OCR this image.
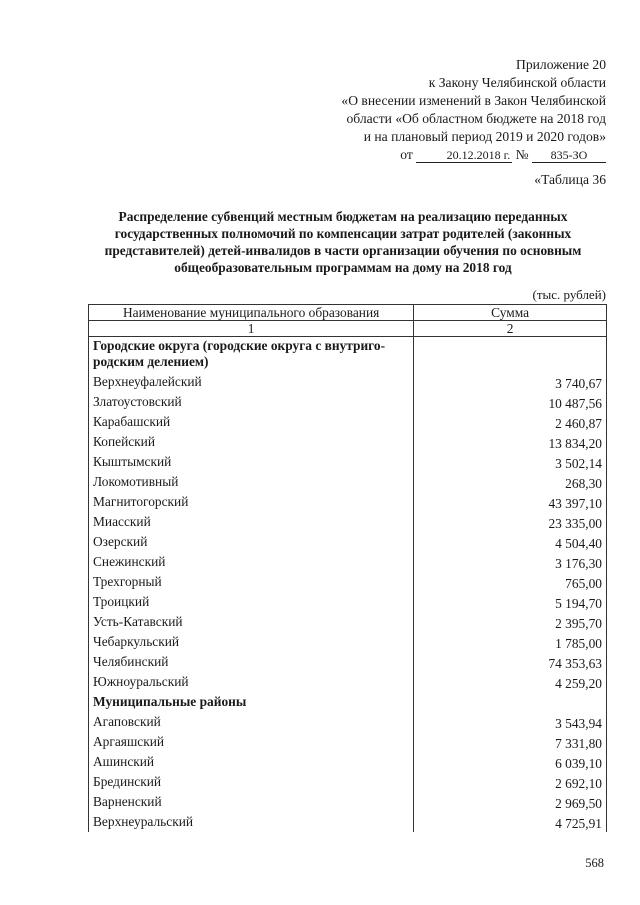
Приложение 20
к Закону Челябинской области
«О внесении изменений в Закон Челябинской
области «Об областном бюджете на 2018 год
и на плановый период 2019 и 2020 годов»
от	20.12.2018 г. № 835-ЗО
«Таблица 36
Распределение субвенций местным бюджетам на реализацию переданных
государственных полномочий по компенсации затрат родителей (законных
представителей) детей-инвалидов в части организации обучения по основным
общеобразовательным программам на дому на 2018 год
(тыс. рублей)
Наименование муниципального образования	Сумма
1	2
Городские округа (городские округа с внутриго-родским делением)	
Верхнеуфалейский	3 740,67
Златоустовский	10 487,56
Карабашский	2 460,87
Копейский	13 834,20
Кыштымский	3 502,14
Локомотивный	268,30
Магнитогорский	43 397,10
Миасский	23 335,00
Озерский	4 504,40
Снежинский	3 176,30
Трехгорный	765,00
Троицкий	5 194,70
Усть-Катавский	2 395,70
Чебаркульский	1 785,00
Челябинский	74 353,63
Южноуральский	4 259,20
Муниципальные районы	
Агаповский	3 543,94
Аргаяшский	7 331,80
Ашинский	6 039,10
Брединский	2 692,10
Варненский	2 969,50
Верхнеуральский	4 725,91
568
